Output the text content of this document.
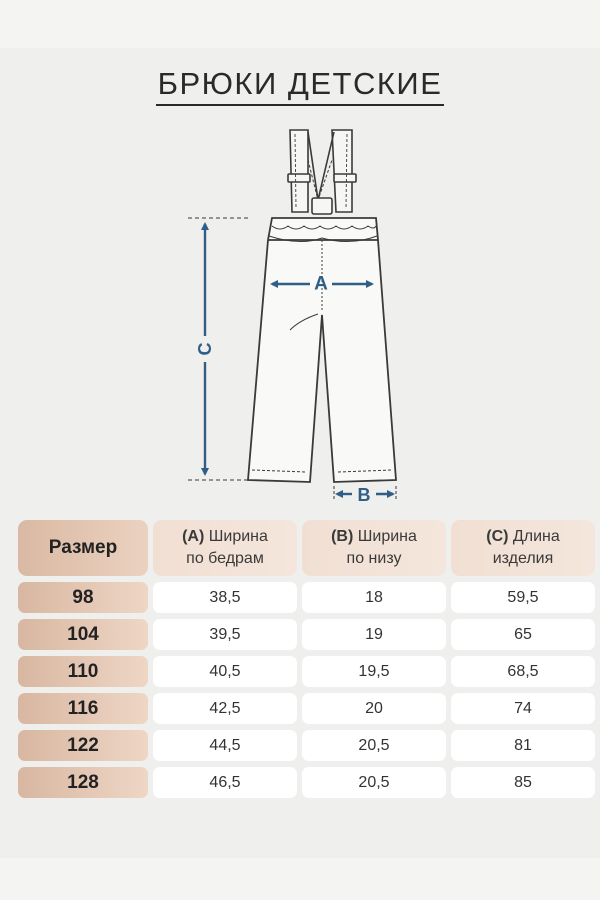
БРЮКИ ДЕТСКИЕ
C
A
B
Размер
(A) Ширина
по бедрам
(B) Ширина
по низу
(C) Длина
изделия
98	38,5	18	59,5
104	39,5	19	65
110	40,5	19,5	68,5
116	42,5	20	74
122	44,5	20,5	81
128	46,5	20,5	85
